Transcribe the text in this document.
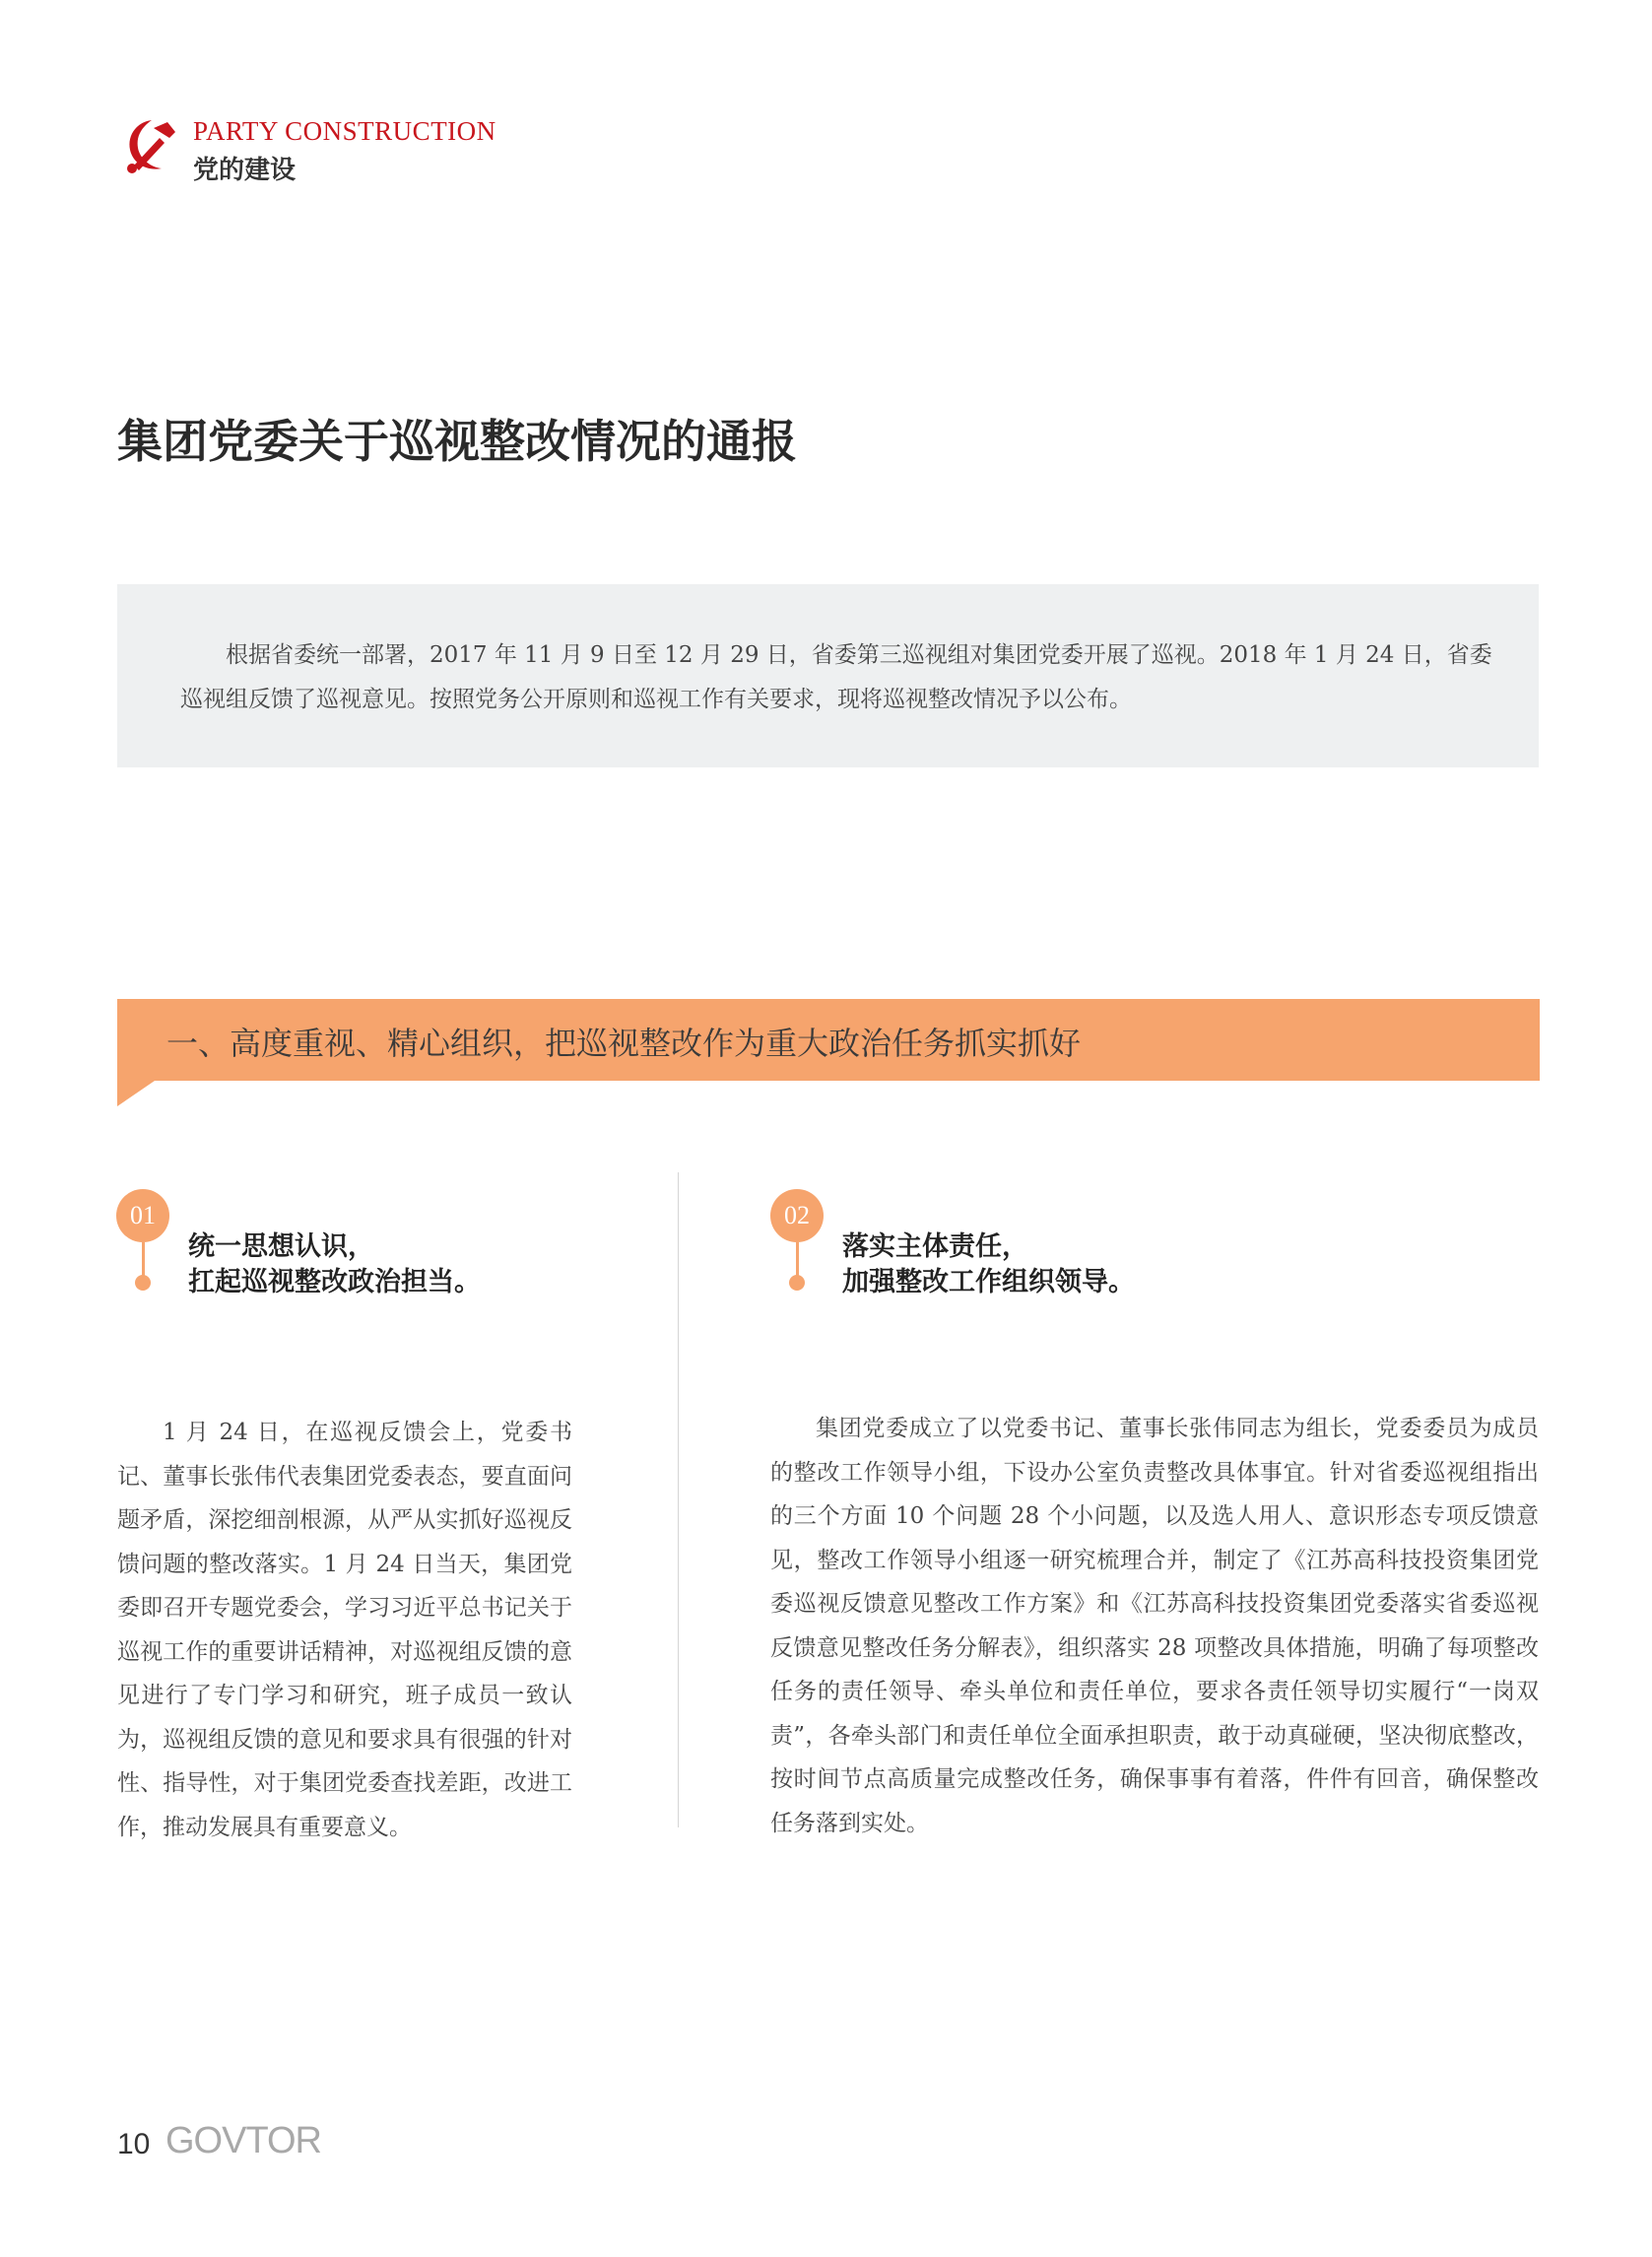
PARTY CONSTRUCTION
党的建设
集团党委关于巡视整改情况的通报

根据省委统一部署，2017 年 11 月 9 日至 12 月 29 日，省委第三巡视组对集团党委开展了巡视。2018 年 1 月 24 日，省委巡视组反馈了巡视意见。按照党务公开原则和巡视工作有关要求，现将巡视整改情况予以公布。

一、高度重视、精心组织，把巡视整改作为重大政治任务抓实抓好
01
统一思想认识，
扛起巡视整改政治担当。

1 月 24 日，在巡视反馈会上，党委书记、董事长张伟代表集团党委表态，要直面问题矛盾，深挖细剖根源，从严从实抓好巡视反馈问题的整改落实。1 月 24 日当天，集团党委即召开专题党委会，学习习近平总书记关于巡视工作的重要讲话精神，对巡视组反馈的意见进行了专门学习和研究，班子成员一致认为，巡视组反馈的意见和要求具有很强的针对性、指导性，对于集团党委查找差距，改进工作，推动发展具有重要意义。

02
落实主体责任，
加强整改工作组织领导。

集团党委成立了以党委书记、董事长张伟同志为组长，党委委员为成员的整改工作领导小组，下设办公室负责整改具体事宜。针对省委巡视组指出的三个方面 10 个问题 28 个小问题，以及选人用人、意识形态专项反馈意见，整改工作领导小组逐一研究梳理合并，制定了《江苏高科技投资集团党委巡视反馈意见整改工作方案》和《江苏高科技投资集团党委落实省委巡视反馈意见整改任务分解表》，组织落实 28 项整改具体措施，明确了每项整改任务的责任领导、牵头单位和责任单位，要求各责任领导切实履行“一岗双责”，各牵头部门和责任单位全面承担职责，敢于动真碰硬，坚决彻底整改，按时间节点高质量完成整改任务，确保事事有着落，件件有回音，确保整改任务落到实处。

10 GOVTOR
